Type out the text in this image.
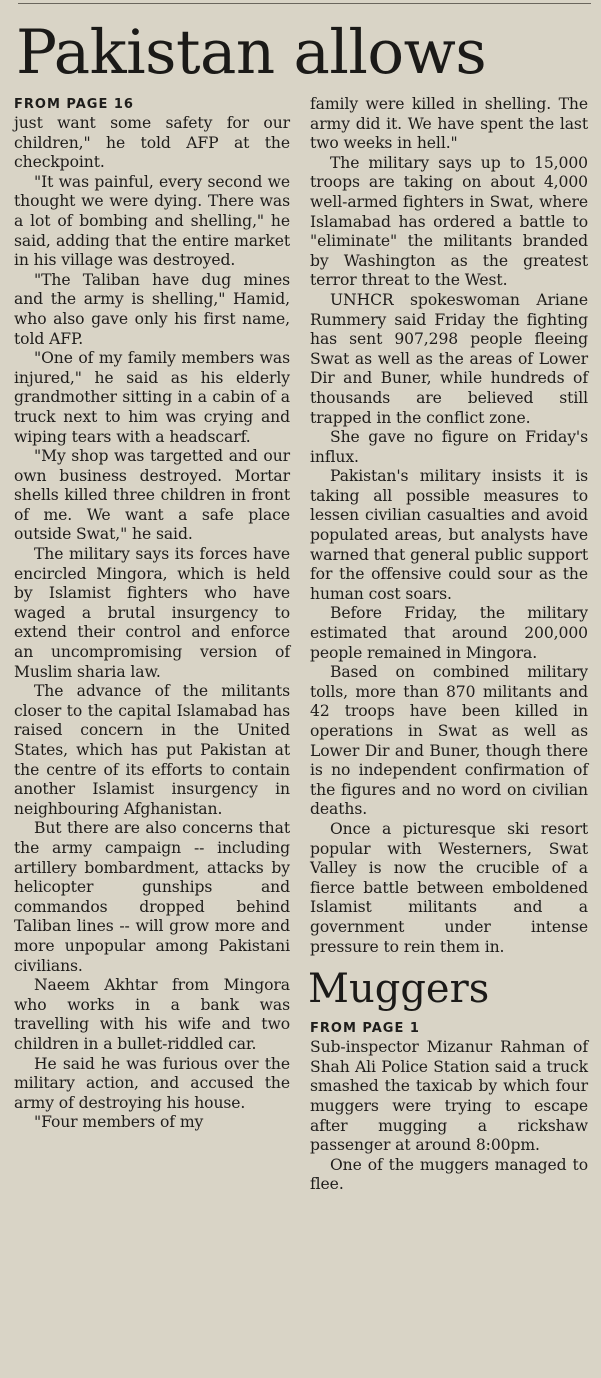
Pakistan allows
FROM PAGE 16

just want some safety for our children," he told AFP at the checkpoint.

"It was painful, every second we thought we were dying. There was a lot of bombing and shelling," he said, adding that the entire market in his village was destroyed.

"The Taliban have dug mines and the army is shelling," Hamid, who also gave only his first name, told AFP.

"One of my family members was injured," he said as his elderly grandmother sitting in a cabin of a truck next to him was crying and wiping tears with a headscarf.

"My shop was targetted and our own business destroyed. Mortar shells killed three children in front of me. We want a safe place outside Swat," he said.

The military says its forces have encircled Mingora, which is held by Islamist fighters who have waged a brutal insurgency to extend their control and enforce an uncompromising version of Muslim sharia law.

The advance of the militants closer to the capital Islamabad has raised concern in the United States, which has put Pakistan at the centre of its efforts to contain another Islamist insurgency in neighbouring Afghanistan.

But there are also concerns that the army campaign -- including artillery bombardment, attacks by helicopter gunships and commandos dropped behind Taliban lines -- will grow more and more unpopular among Pakistani civilians.

Naeem Akhtar from Mingora who works in a bank was travelling with his wife and two children in a bullet-riddled car.

He said he was furious over the military action, and accused the army of destroying his house.

"Four members of my

family were killed in shelling. The army did it. We have spent the last two weeks in hell."

The military says up to 15,000 troops are taking on about 4,000 well-armed fighters in Swat, where Islamabad has ordered a battle to "eliminate" the militants branded by Washington as the greatest terror threat to the West.

UNHCR spokeswoman Ariane Rummery said Friday the fighting has sent 907,298 people fleeing Swat as well as the areas of Lower Dir and Buner, while hundreds of thousands are believed still trapped in the conflict zone.

She gave no figure on Friday's influx.

Pakistan's military insists it is taking all possible measures to lessen civilian casualties and avoid populated areas, but analysts have warned that general public support for the offensive could sour as the human cost soars.

Before Friday, the military estimated that around 200,000 people remained in Mingora.

Based on combined military tolls, more than 870 militants and 42 troops have been killed in operations in Swat as well as Lower Dir and Buner, though there is no independent confirmation of the figures and no word on civilian deaths.

Once a picturesque ski resort popular with Westerners, Swat Valley is now the crucible of a fierce battle between emboldened Islamist militants and a government under intense pressure to rein them in.

Muggers
FROM PAGE 1

Sub-inspector Mizanur Rahman of Shah Ali Police Station said a truck smashed the taxicab by which four muggers were trying to escape after mugging a rickshaw passenger at around 8:00pm.

One of the muggers managed to flee.
